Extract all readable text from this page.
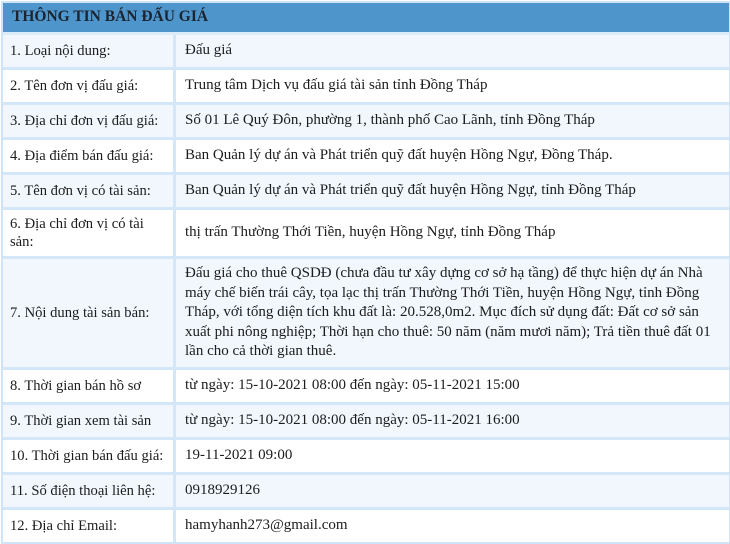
THÔNG TIN BÁN ĐẤU GIÁ
1. Loại nội dung:	Đấu giá
2. Tên đơn vị đấu giá:	Trung tâm Dịch vụ đấu giá tài sản tỉnh Đồng Tháp
3. Địa chỉ đơn vị đấu giá:	Số 01 Lê Quý Đôn, phường 1, thành phố Cao Lãnh, tỉnh Đồng Tháp
4. Địa điểm bán đấu giá:	Ban Quản lý dự án và Phát triển quỹ đất huyện Hồng Ngự, Đồng Tháp.
5. Tên đơn vị có tài sản:	Ban Quản lý dự án và Phát triển quỹ đất huyện Hồng Ngự, tỉnh Đồng Tháp
6. Địa chỉ đơn vị có tài sản:
thị trấn Thường Thới Tiền, huyện Hồng Ngự, tỉnh Đồng Tháp
7. Nội dung tài sản bán:
Đấu giá cho thuê QSDĐ (chưa đầu tư xây dựng cơ sở hạ tầng) để thực hiện dự án Nhà máy chế biến trái cây, tọa lạc thị trấn Thường Thới Tiền, huyện Hồng Ngự, tỉnh Đồng Tháp, với tổng diện tích khu đất là: 20.528,0m2. Mục đích sử dụng đất: Đất cơ sở sản xuất phi nông nghiệp; Thời hạn cho thuê: 50 năm (năm mươi năm); Trả tiền thuê đất 01 lần cho cả thời gian thuê.
8. Thời gian bán hồ sơ	từ ngày: 15-10-2021 08:00 đến ngày: 05-11-2021 15:00
9. Thời gian xem tài sản	từ ngày: 15-10-2021 08:00 đến ngày: 05-11-2021 16:00
10. Thời gian bán đấu giá:	19-11-2021 09:00
11. Số điện thoại liên hệ:	0918929126
12. Địa chỉ Email:	hamyhanh273@gmail.com
